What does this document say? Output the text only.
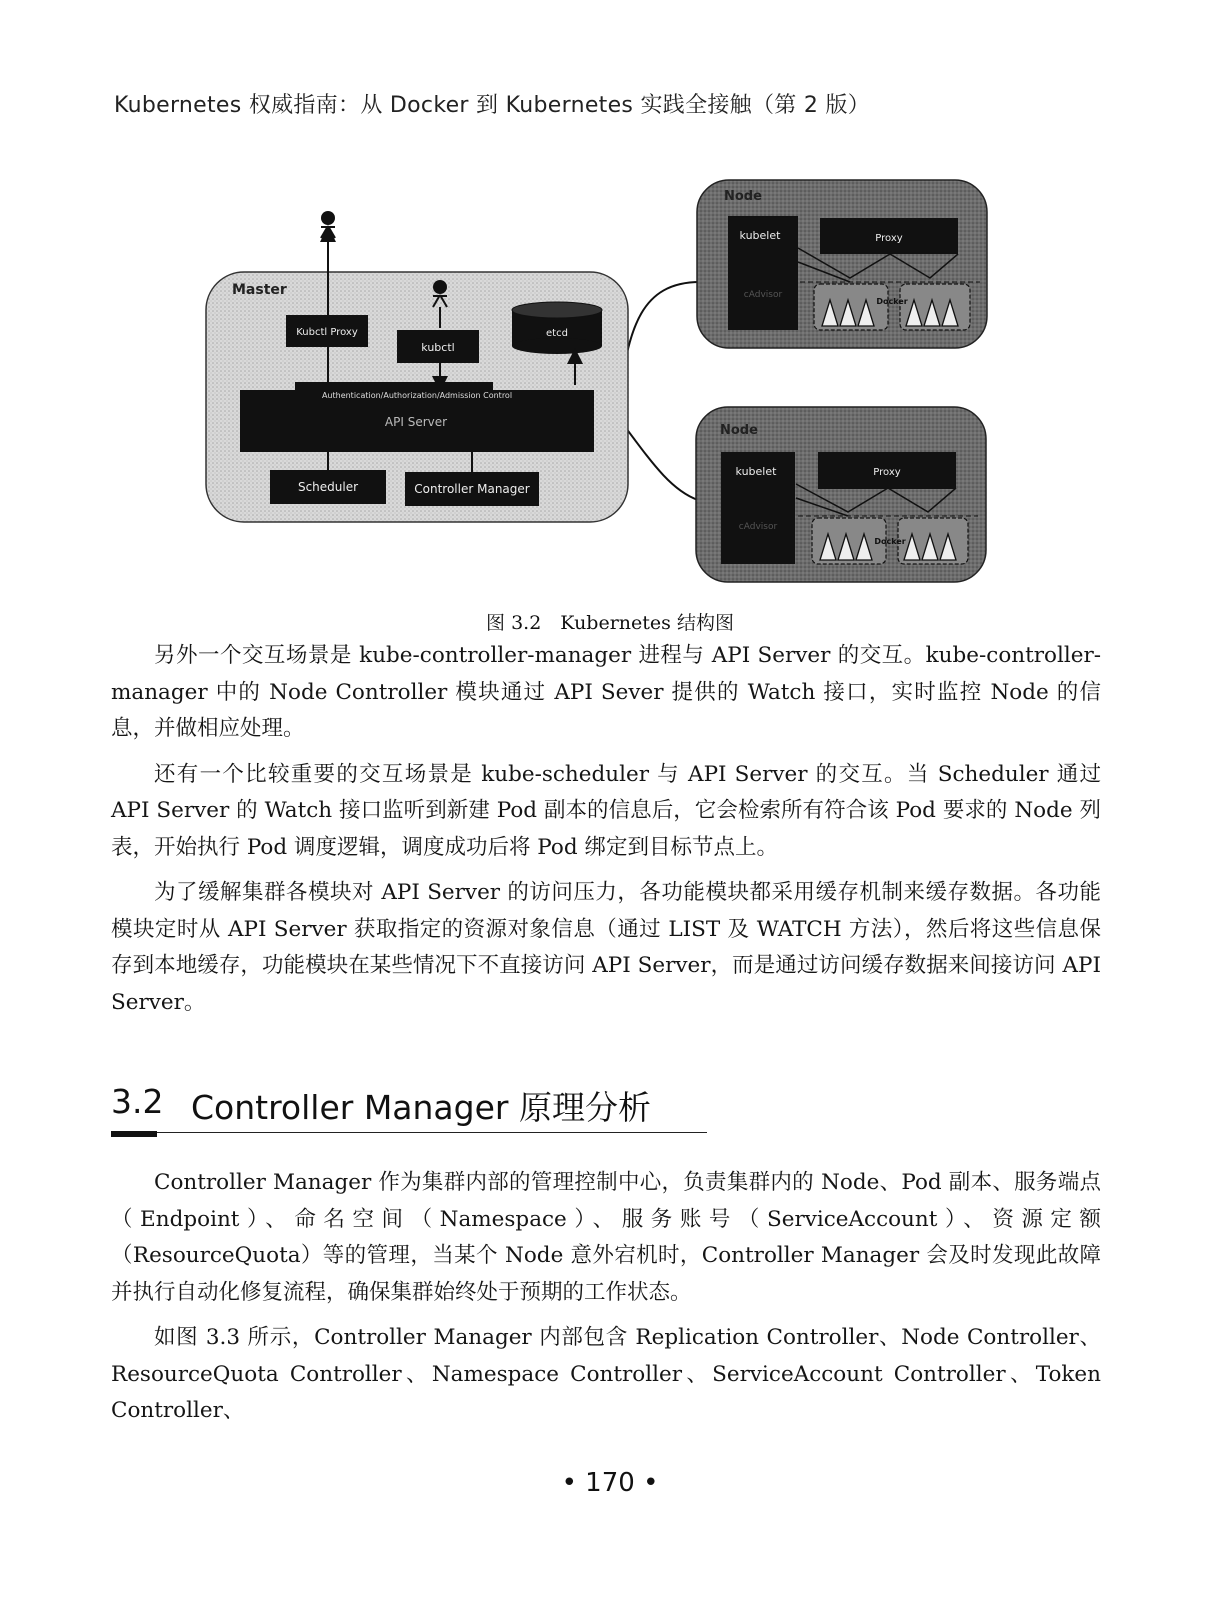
Kubernetes 权威指南：从 Docker 到 Kubernetes 实践全接触（第 2 版）
Master
Kubctl Proxy
kubctl
etcd
Authentication/Authorization/Admission Control
API Server
Scheduler	Controller Manager
Node
kubelet
cAdvisor
Proxy
Docker
Node
kubelet
cAdvisor
Proxy
Docker
图 3.2　Kubernetes 结构图

另外一个交互场景是 kube-controller-manager 进程与 API Server 的交互。kube-controller-manager 中的 Node Controller 模块通过 API Sever 提供的 Watch 接口，实时监控 Node 的信息，并做相应处理。

还有一个比较重要的交互场景是 kube-scheduler 与 API Server 的交互。当 Scheduler 通过 API Server 的 Watch 接口监听到新建 Pod 副本的信息后，它会检索所有符合该 Pod 要求的 Node 列表，开始执行 Pod 调度逻辑，调度成功后将 Pod 绑定到目标节点上。

为了缓解集群各模块对 API Server 的访问压力，各功能模块都采用缓存机制来缓存数据。各功能模块定时从 API Server 获取指定的资源对象信息（通过 LIST 及 WATCH 方法），然后将这些信息保存到本地缓存，功能模块在某些情况下不直接访问 API Server，而是通过访问缓存数据来间接访问 API Server。

3.2 Controller Manager 原理分析

Controller Manager 作为集群内部的管理控制中心，负责集群内的 Node、Pod 副本、服务端点（Endpoint）、命名空间（Namespace）、服务账号（ServiceAccount）、资源定额（ResourceQuota）等的管理，当某个 Node 意外宕机时，Controller Manager 会及时发现此故障并执行自动化修复流程，确保集群始终处于预期的工作状态。

如图 3.3 所示，Controller Manager 内部包含 Replication Controller、Node Controller、ResourceQuota Controller、Namespace Controller、ServiceAccount Controller、Token Controller、

• 170 •
